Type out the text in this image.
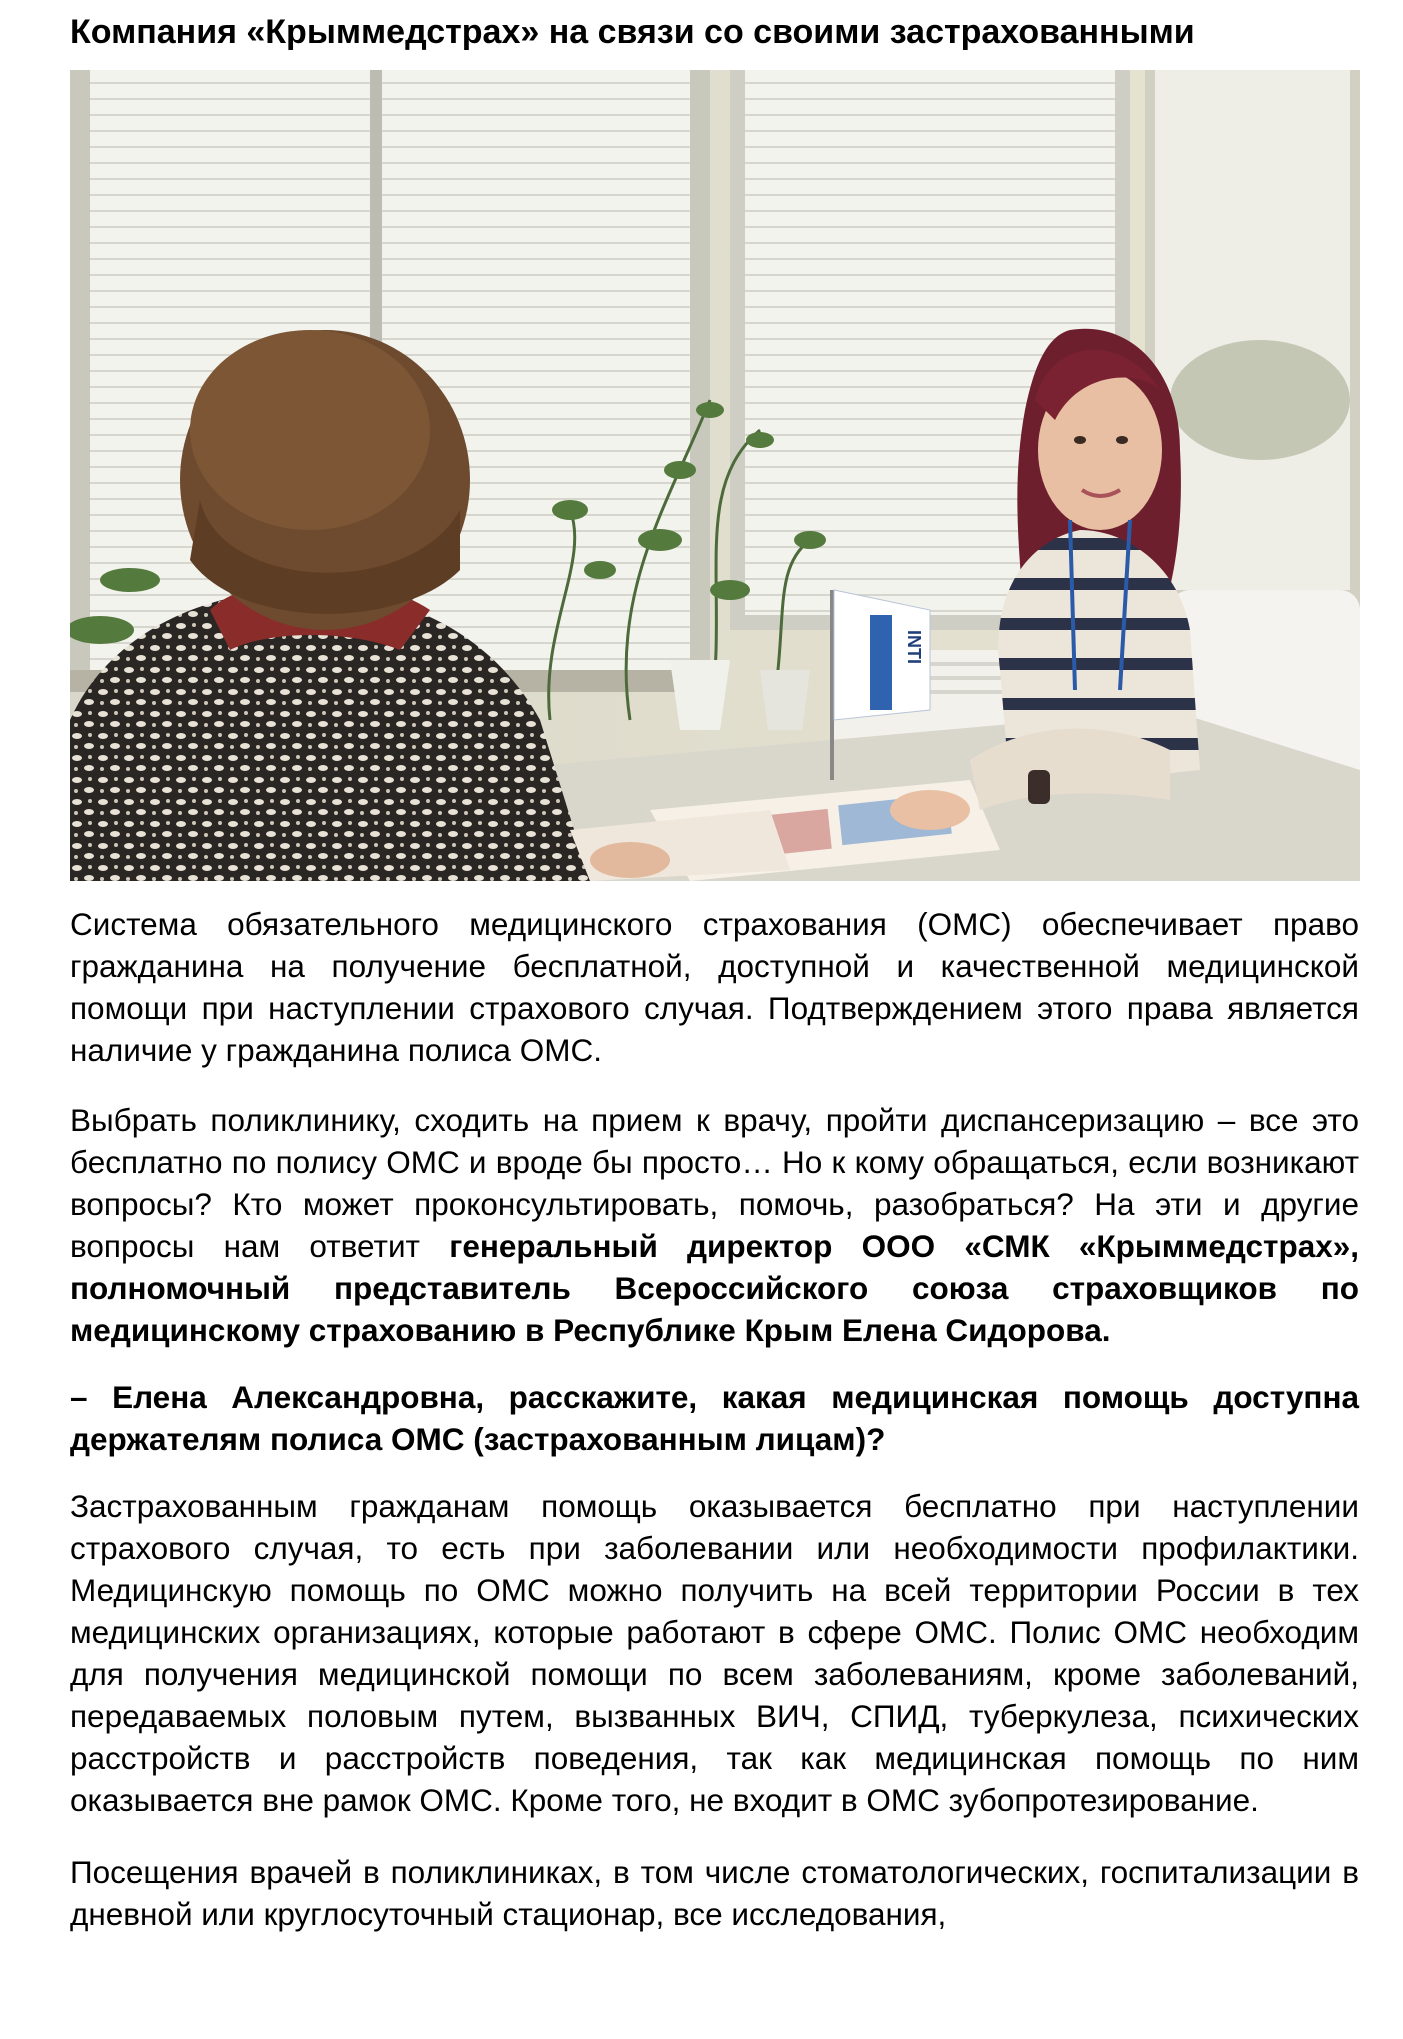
Компания «Крыммедстрах» на связи со своими застрахованными
INTI

Система обязательного медицинского страхования (ОМС) обеспечивает право гражданина на получение бесплатной, доступной и качественной медицинской помощи при наступлении страхового случая. Подтверждением этого права является наличие у гражданина полиса ОМС.

Выбрать поликлинику, сходить на прием к врачу, пройти диспансеризацию – все это бесплатно по полису ОМС и вроде бы просто… Но к кому обращаться, если возникают вопросы? Кто может проконсультировать, помочь, разобраться? На эти и другие вопросы нам ответит генеральный директор ООО «СМК «Крыммедстрах», полномочный представитель Всероссийского союза страховщиков по медицинскому страхованию в Республике Крым Елена Сидорова.

– Елена Александровна, расскажите, какая медицинская помощь доступна держателям полиса ОМС (застрахованным лицам)?

Застрахованным гражданам помощь оказывается бесплатно при наступлении страхового случая, то есть при заболевании или необходимости профилактики. Медицинскую помощь по ОМС можно получить на всей территории России в тех медицинских организациях, которые работают в сфере ОМС. Полис ОМС необходим для получения медицинской помощи по всем заболеваниям, кроме заболеваний, передаваемых половым путем, вызванных ВИЧ, СПИД, туберкулеза, психических расстройств и расстройств поведения, так как медицинская помощь по ним оказывается вне рамок ОМС. Кроме того, не входит в ОМС зубопротезирование.

Посещения врачей в поликлиниках, в том числе стоматологических, госпитализации в дневной или круглосуточный стационар, все исследования,
